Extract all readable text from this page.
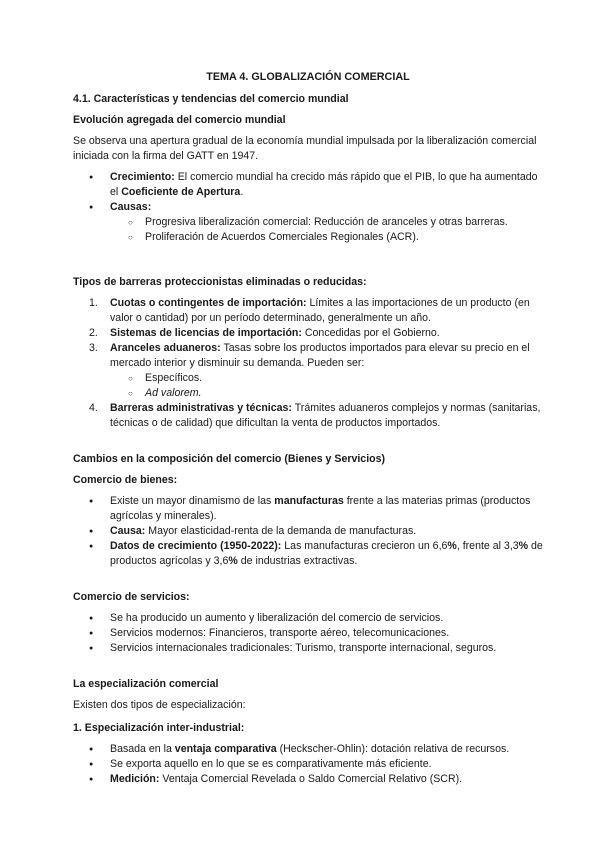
TEMA 4. GLOBALIZACIÓN COMERCIAL

4.1. Características y tendencias del comercio mundial

Evolución agregada del comercio mundial

Se observa una apertura gradual de la economía mundial impulsada por la liberalización comercial iniciada con la firma del GATT en 1947.

● Crecimiento: El comercio mundial ha crecido más rápido que el PIB, lo que ha aumentado el Coeficiente de Apertura.
● Causas:
○ Progresiva liberalización comercial: Reducción de aranceles y otras barreras.
○ Proliferación de Acuerdos Comerciales Regionales (ACR).

Tipos de barreras proteccionistas eliminadas o reducidas:

1. Cuotas o contingentes de importación: Límites a las importaciones de un producto (en valor o cantidad) por un período determinado, generalmente un año.
2. Sistemas de licencias de importación: Concedidas por el Gobierno.
3. Aranceles aduaneros: Tasas sobre los productos importados para elevar su precio en el mercado interior y disminuir su demanda. Pueden ser:
○ Específicos.
○ Ad valorem.
4. Barreras administrativas y técnicas: Trámites aduaneros complejos y normas (sanitarias, técnicas o de calidad) que dificultan la venta de productos importados.

Cambios en la composición del comercio (Bienes y Servicios)

Comercio de bienes:

● Existe un mayor dinamismo de las manufacturas frente a las materias primas (productos agrícolas y minerales).
● Causa: Mayor elasticidad-renta de la demanda de manufacturas.
● Datos de crecimiento (1950-2022): Las manufacturas crecieron un 6,6%, frente al 3,3% de productos agrícolas y 3,6% de industrias extractivas.

Comercio de servicios:

● Se ha producido un aumento y liberalización del comercio de servicios.
● Servicios modernos: Financieros, transporte aéreo, telecomunicaciones.
● Servicios internacionales tradicionales: Turismo, transporte internacional, seguros.

La especialización comercial

Existen dos tipos de especialización:

1. Especialización inter-industrial:

● Basada en la ventaja comparativa (Heckscher-Ohlin): dotación relativa de recursos.
● Se exporta aquello en lo que se es comparativamente más eficiente.
● Medición: Ventaja Comercial Revelada o Saldo Comercial Relativo (SCR).
